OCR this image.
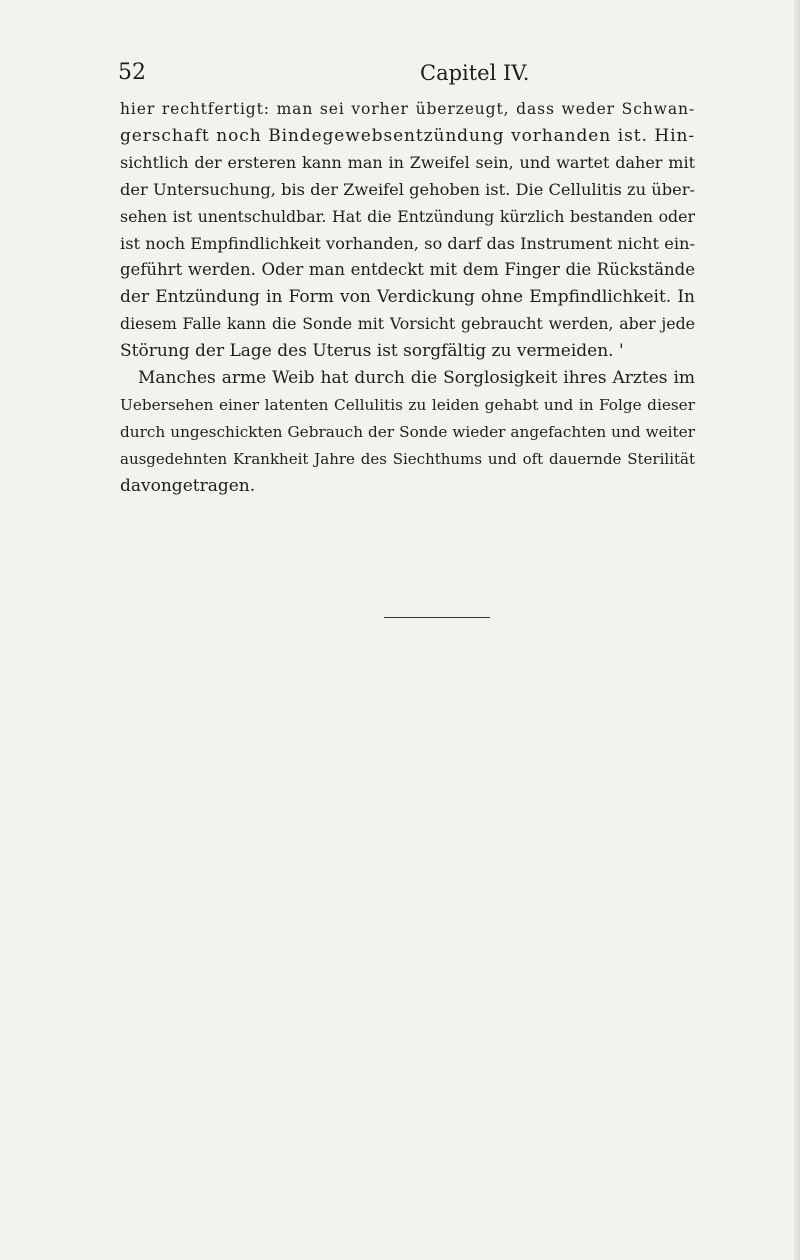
52	Capitel IV.
hier rechtfertigt: man sei vorher überzeugt, dass weder Schwan-
gerschaft noch Bindegewebsentzündung vorhanden ist. Hin-
sichtlich der ersteren kann man in Zweifel sein, und wartet daher mit
der Untersuchung, bis der Zweifel gehoben ist. Die Cellulitis zu über-
sehen ist unentschuldbar. Hat die Entzündung kürzlich bestanden oder
ist noch Empfindlichkeit vorhanden, so darf das Instrument nicht ein-
geführt werden. Oder man entdeckt mit dem Finger die Rückstände
der Entzündung in Form von Verdickung ohne Empfindlichkeit. In
diesem Falle kann die Sonde mit Vorsicht gebraucht werden, aber jede
Störung der Lage des Uterus ist sorgfältig zu vermeiden. '
Manches arme Weib hat durch die Sorglosigkeit ihres Arztes im
Uebersehen einer latenten Cellulitis zu leiden gehabt und in Folge dieser
durch ungeschickten Gebrauch der Sonde wieder angefachten und weiter
ausgedehnten Krankheit Jahre des Siechthums und oft dauernde Sterilität
davongetragen.
